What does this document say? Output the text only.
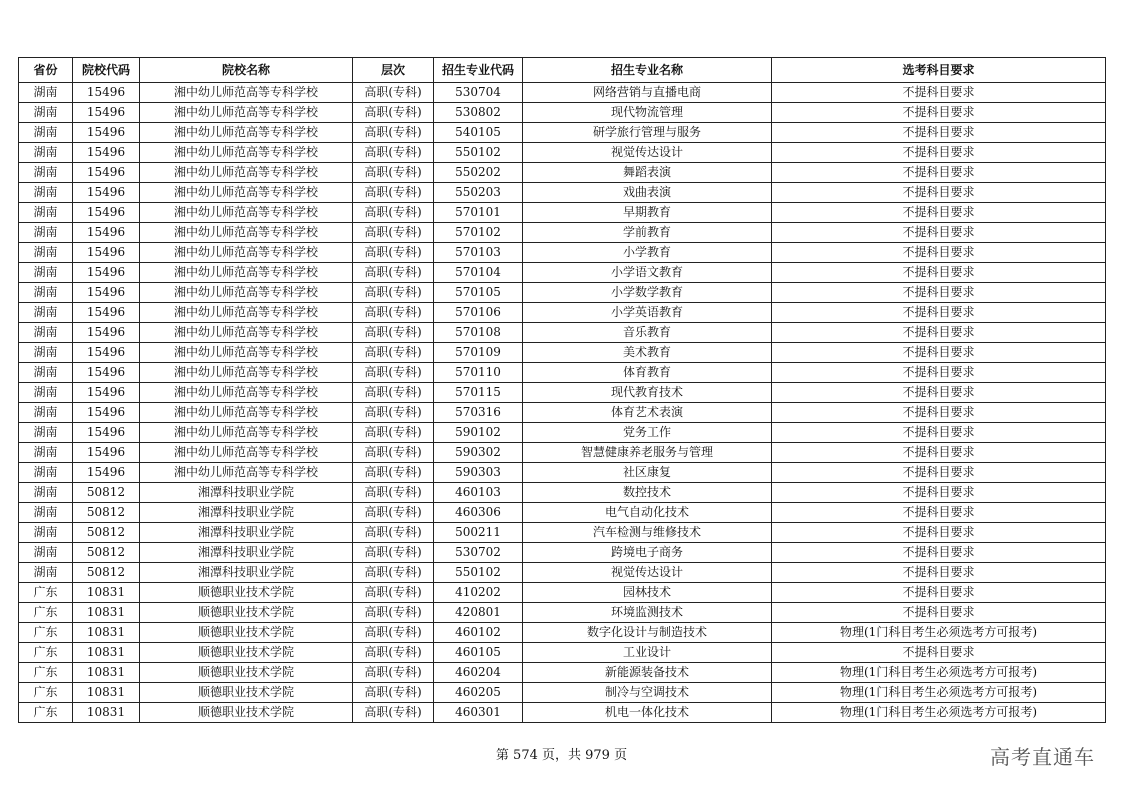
省份	院校代码	院校名称	层次	招生专业代码	招生专业名称	选考科目要求
湖南	15496	湘中幼儿师范高等专科学校	高职(专科)	530704	网络营销与直播电商	不提科目要求
湖南	15496	湘中幼儿师范高等专科学校	高职(专科)	530802	现代物流管理	不提科目要求
湖南	15496	湘中幼儿师范高等专科学校	高职(专科)	540105	研学旅行管理与服务	不提科目要求
湖南	15496	湘中幼儿师范高等专科学校	高职(专科)	550102	视觉传达设计	不提科目要求
湖南	15496	湘中幼儿师范高等专科学校	高职(专科)	550202	舞蹈表演	不提科目要求
湖南	15496	湘中幼儿师范高等专科学校	高职(专科)	550203	戏曲表演	不提科目要求
湖南	15496	湘中幼儿师范高等专科学校	高职(专科)	570101	早期教育	不提科目要求
湖南	15496	湘中幼儿师范高等专科学校	高职(专科)	570102	学前教育	不提科目要求
湖南	15496	湘中幼儿师范高等专科学校	高职(专科)	570103	小学教育	不提科目要求
湖南	15496	湘中幼儿师范高等专科学校	高职(专科)	570104	小学语文教育	不提科目要求
湖南	15496	湘中幼儿师范高等专科学校	高职(专科)	570105	小学数学教育	不提科目要求
湖南	15496	湘中幼儿师范高等专科学校	高职(专科)	570106	小学英语教育	不提科目要求
湖南	15496	湘中幼儿师范高等专科学校	高职(专科)	570108	音乐教育	不提科目要求
湖南	15496	湘中幼儿师范高等专科学校	高职(专科)	570109	美术教育	不提科目要求
湖南	15496	湘中幼儿师范高等专科学校	高职(专科)	570110	体育教育	不提科目要求
湖南	15496	湘中幼儿师范高等专科学校	高职(专科)	570115	现代教育技术	不提科目要求
湖南	15496	湘中幼儿师范高等专科学校	高职(专科)	570316	体育艺术表演	不提科目要求
湖南	15496	湘中幼儿师范高等专科学校	高职(专科)	590102	党务工作	不提科目要求
湖南	15496	湘中幼儿师范高等专科学校	高职(专科)	590302	智慧健康养老服务与管理	不提科目要求
湖南	15496	湘中幼儿师范高等专科学校	高职(专科)	590303	社区康复	不提科目要求
湖南	50812	湘潭科技职业学院	高职(专科)	460103	数控技术	不提科目要求
湖南	50812	湘潭科技职业学院	高职(专科)	460306	电气自动化技术	不提科目要求
湖南	50812	湘潭科技职业学院	高职(专科)	500211	汽车检测与维修技术	不提科目要求
湖南	50812	湘潭科技职业学院	高职(专科)	530702	跨境电子商务	不提科目要求
湖南	50812	湘潭科技职业学院	高职(专科)	550102	视觉传达设计	不提科目要求
广东	10831	顺德职业技术学院	高职(专科)	410202	园林技术	不提科目要求
广东	10831	顺德职业技术学院	高职(专科)	420801	环境监测技术	不提科目要求
广东	10831	顺德职业技术学院	高职(专科)	460102	数字化设计与制造技术	物理(1门科目考生必须选考方可报考)
广东	10831	顺德职业技术学院	高职(专科)	460105	工业设计	不提科目要求
广东	10831	顺德职业技术学院	高职(专科)	460204	新能源装备技术	物理(1门科目考生必须选考方可报考)
广东	10831	顺德职业技术学院	高职(专科)	460205	制冷与空调技术	物理(1门科目考生必须选考方可报考)
广东	10831	顺德职业技术学院	高职(专科)	460301	机电一体化技术	物理(1门科目考生必须选考方可报考)
第 574 页，共 979 页	高考直通车
